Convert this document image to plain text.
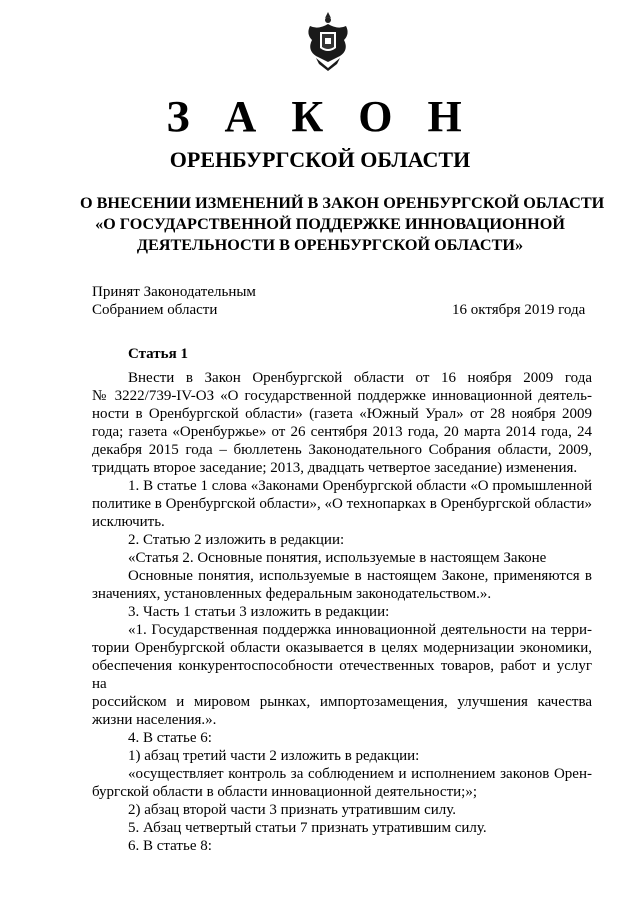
З А К О Н
ОРЕНБУРГСКОЙ ОБЛАСТИ
О ВНЕСЕНИИ ИЗМЕНЕНИЙ В ЗАКОН ОРЕНБУРГСКОЙ ОБЛАСТИ
«О ГОСУДАРСТВЕННОЙ ПОДДЕРЖКЕ ИННОВАЦИОННОЙ
ДЕЯТЕЛЬНОСТИ В ОРЕНБУРГСКОЙ ОБЛАСТИ»
Принят Законодательным
Собранием области	16 октября 2019 года
Статья 1

Внести в Закон Оренбургской области от 16 ноября 2009 года

№ 3222/739-IV-ОЗ «О государственной поддержке инновационной деятель-

ности в Оренбургской области» (газета «Южный Урал» от 28 ноября 2009

года; газета «Оренбуржье» от 26 сентября 2013 года, 20 марта 2014 года, 24

декабря 2015 года – бюллетень Законодательного Собрания области, 2009,

тридцать второе заседание; 2013, двадцать четвертое заседание) изменения.

1. В статье 1 слова «Законами Оренбургской области «О промышленной

политике в Оренбургской области», «О технопарках в Оренбургской области»

исключить.

2. Статью 2 изложить в редакции:

«Статья 2. Основные понятия, используемые в настоящем Законе

Основные понятия, используемые в настоящем Законе, применяются в

значениях, установленных федеральным законодательством.».

3. Часть 1 статьи 3 изложить в редакции:

«1. Государственная поддержка инновационной деятельности на терри-

тории Оренбургской области оказывается в целях модернизации экономики,

обеспечения конкурентоспособности отечественных товаров, работ и услуг на

российском и мировом рынках, импортозамещения, улучшения качества

жизни населения.».

4. В статье 6:

1) абзац третий части 2 изложить в редакции:

«осуществляет контроль за соблюдением и исполнением законов Орен-

бургской области в области инновационной деятельности;»;

2) абзац второй части 3 признать утратившим силу.

5. Абзац четвертый статьи 7 признать утратившим силу.

6. В статье 8:
